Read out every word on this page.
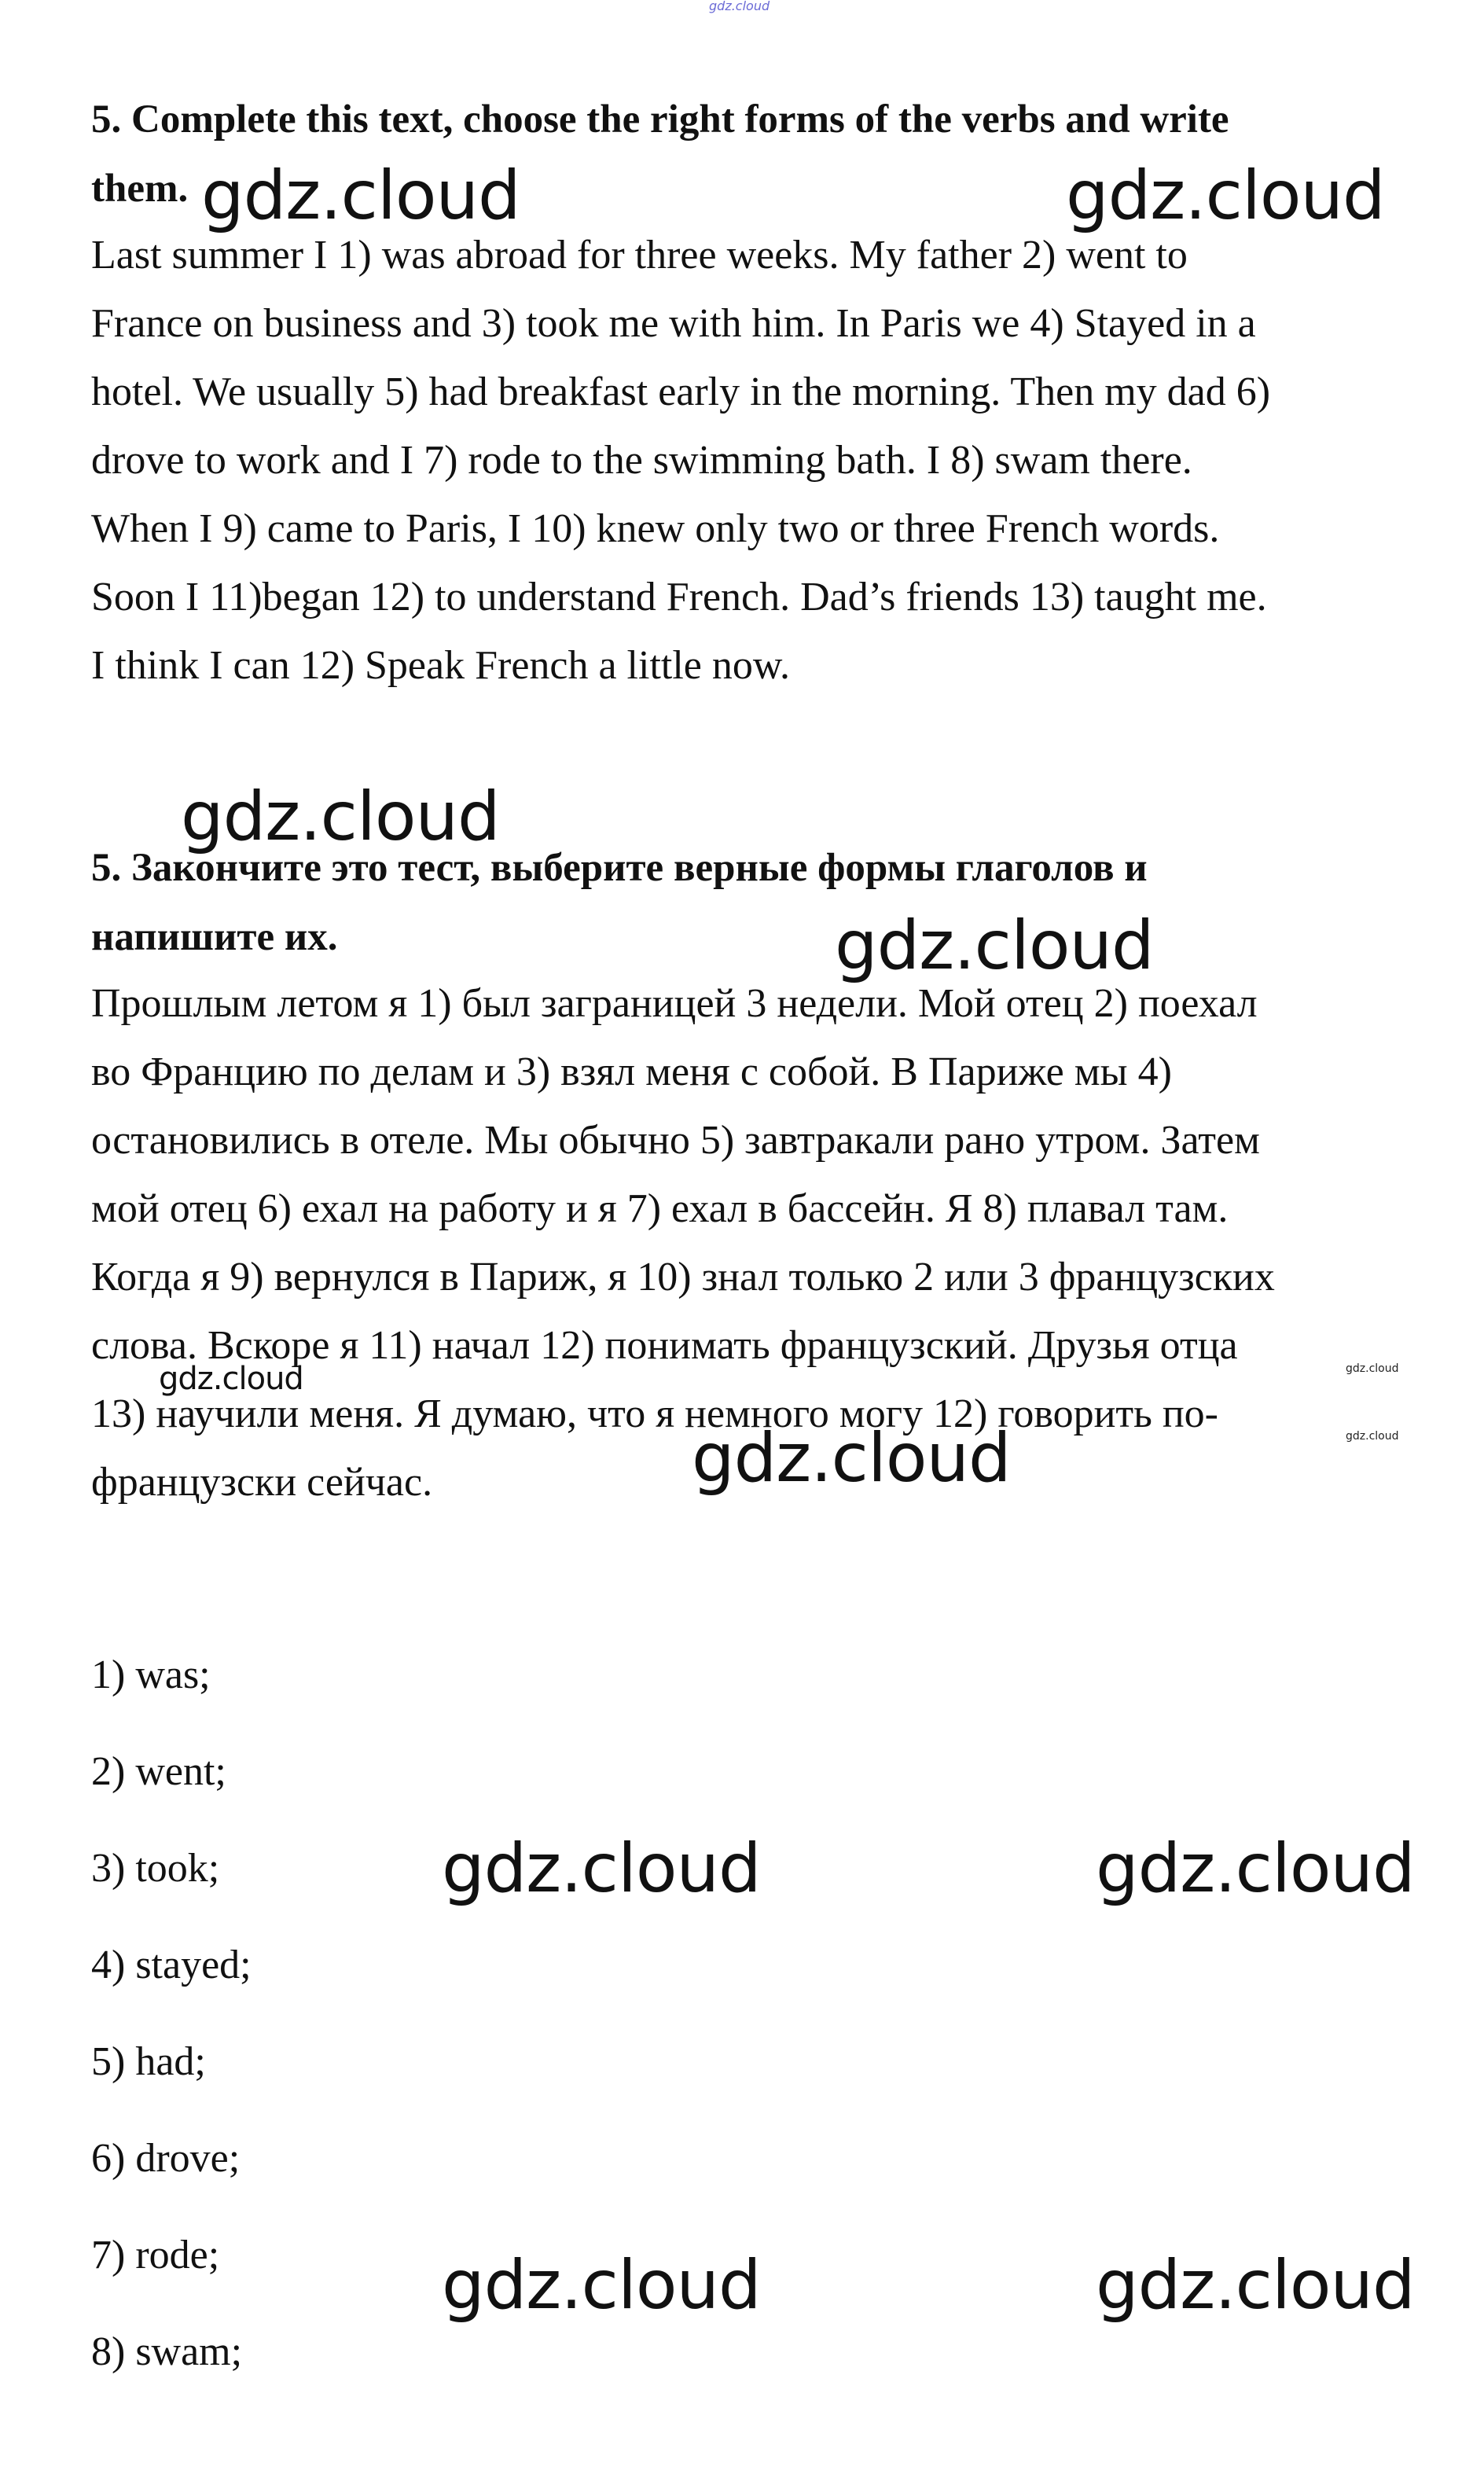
5. Complete this text, choose the right forms of the verbs and write
them.

Last summer I 1) was abroad for three weeks. My father 2) went to
France on business and 3) took me with him. In Paris we 4) Stayed in a
hotel. We usually 5) had breakfast early in the morning. Then my dad 6)
drove to work and I 7) rode to the swimming bath. I 8) swam there.
When I 9) came to Paris, I 10) knew only two or three French words.
Soon I 11)began 12) to understand French. Dad’s friends 13) taught me.
I think I can 12) Speak French a little now.

5. Закончите это тест, выберите верные формы глаголов и
напишите их.

Прошлым летом я 1) был заграницей 3 недели. Мой отец 2) поехал
во Францию по делам и 3) взял меня с собой. В Париже мы 4)
остановились в отеле. Мы обычно 5) завтракали рано утром. Затем
мой отец 6) ехал на работу и я 7) ехал в бассейн. Я 8) плавал там.
Когда я 9) вернулся в Париж, я 10) знал только 2 или 3 французских
слова. Вскоре я 11) начал 12) понимать французский. Друзья отца
13) научили меня. Я думаю, что я немного могу 12) говорить по-
французски сейчас.

1) was;
2) went;
3) took;
4) stayed;
5) had;
6) drove;
7) rode;
8) swam;
gdz.cloud
gdz.cloud	gdz.cloud
gdz.cloud
gdz.cloud
gdz.cloud	gdz.cloud
gdz.cloud
gdz.cloud
gdz.cloud	gdz.cloud
gdz.cloud	gdz.cloud
